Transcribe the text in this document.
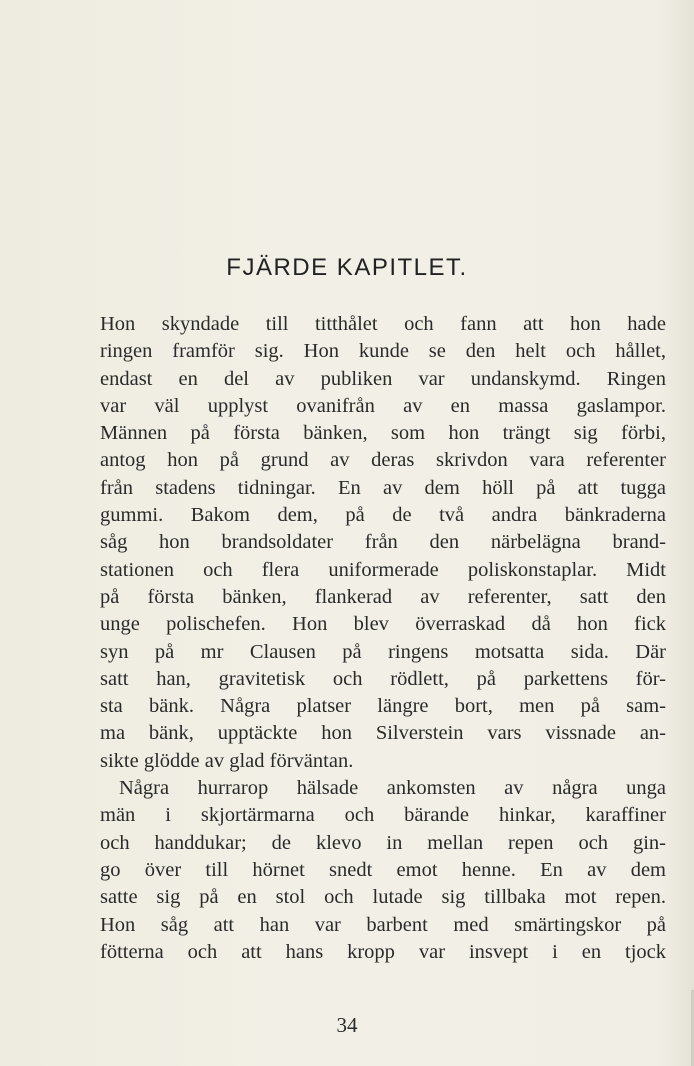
FJÄRDE KAPITLET.
Hon skyndade till titthålet och fann att hon hade
ringen framför sig. Hon kunde se den helt och hållet,
endast en del av publiken var undanskymd. Ringen
var väl upplyst ovanifrån av en massa gaslampor.
Männen på första bänken, som hon trängt sig förbi,
antog hon på grund av deras skrivdon vara referenter
från stadens tidningar. En av dem höll på att tugga
gummi. Bakom dem, på de två andra bänkraderna
såg hon brandsoldater från den närbelägna brand-
stationen och flera uniformerade poliskonstaplar. Midt
på första bänken, flankerad av referenter, satt den
unge polischefen. Hon blev överraskad då hon fick
syn på mr Clausen på ringens motsatta sida. Där
satt han, gravitetisk och rödlett, på parkettens för-
sta bänk. Några platser längre bort, men på sam-
ma bänk, upptäckte hon Silverstein vars vissnade an-
sikte glödde av glad förväntan.
Några hurrarop hälsade ankomsten av några unga
män i skjortärmarna och bärande hinkar, karaffiner
och handdukar; de klevo in mellan repen och gin-
go över till hörnet snedt emot henne. En av dem
satte sig på en stol och lutade sig tillbaka mot repen.
Hon såg att han var barbent med smärtingskor på
fötterna och att hans kropp var insvept i en tjock
34
